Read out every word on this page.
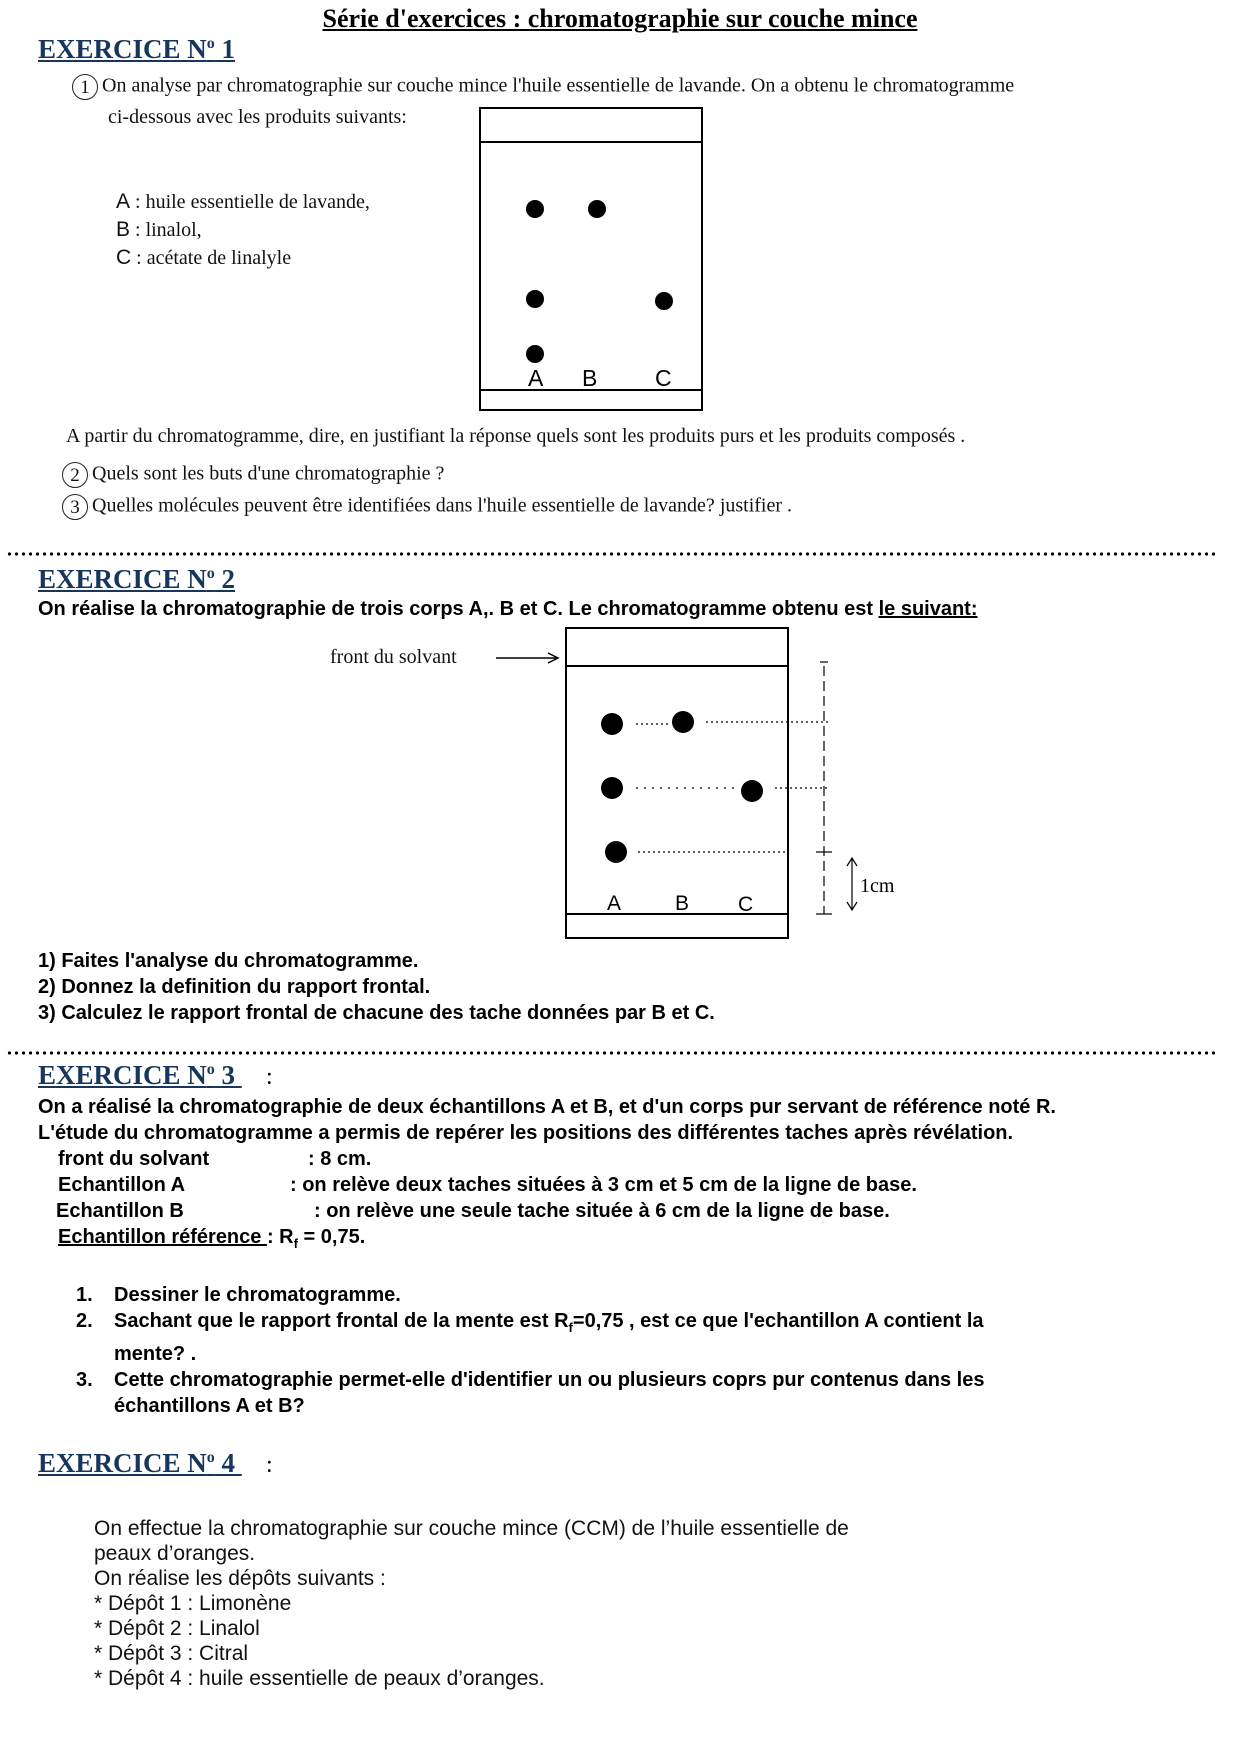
Série d'exercices : chromatographie sur couche mince
EXERCICE $N^o$ 1
1 On analyse par chromatographie sur couche mince l'huile essentielle de lavande. On a obtenu le chromatogramme
ci-dessous avec les produits suivants:
A : huile essentielle de lavande,
B : linalol,
C : acétate de linalyle
A B	C
A partir du chromatogramme, dire, en justifiant la réponse quels sont les produits purs et les produits composés .
2 Quels sont les buts d'une chromatographie ?
3 Quelles molécules peuvent être identifiées dans l'huile essentielle de lavande? justifier .
EXERCICE $N^o$ 2
On réalise la chromatographie de trois corps A,. B et C. Le chromatogramme obtenu est le suivant:
front du solvant
1cm
A	B C
1) Faites l'analyse du chromatogramme.
2) Donnez la definition du rapport frontal.
3) Calculez le rapport frontal de chacune des tache données par B et C.
EXERCICE $N^o$ 3 :
On a réalisé la chromatographie de deux échantillons A et B, et d'un corps pur servant de référence noté R.
L'étude du chromatogramme a permis de repérer les positions des différentes taches après révélation.
front du solvant	: 8 cm.
Echantillon A	: on relève deux taches situées à 3 cm et 5 cm de la ligne de base.
Echantillon B	: on relève une seule tache située à 6 cm de la ligne de base.
Echantillon référence : $R_f = 0,75$.
1. Dessiner le chromatogramme.
2. Sachant que le rapport frontal de la mente est $R_f=0,75$ , est ce que l'echantillon A contient la
mente? .
3. Cette chromatographie permet-elle d'identifier un ou plusieurs coprs pur contenus dans les
échantillons A et B?
EXERCICE $N^o$ 4 :
On effectue la chromatographie sur couche mince (CCM) de l’huile essentielle de
peaux d’oranges.
On réalise les dépôts suivants :
* Dépôt 1 : Limonène
* Dépôt 2 : Linalol
* Dépôt 3 : Citral
* Dépôt 4 : huile essentielle de peaux d’oranges.
